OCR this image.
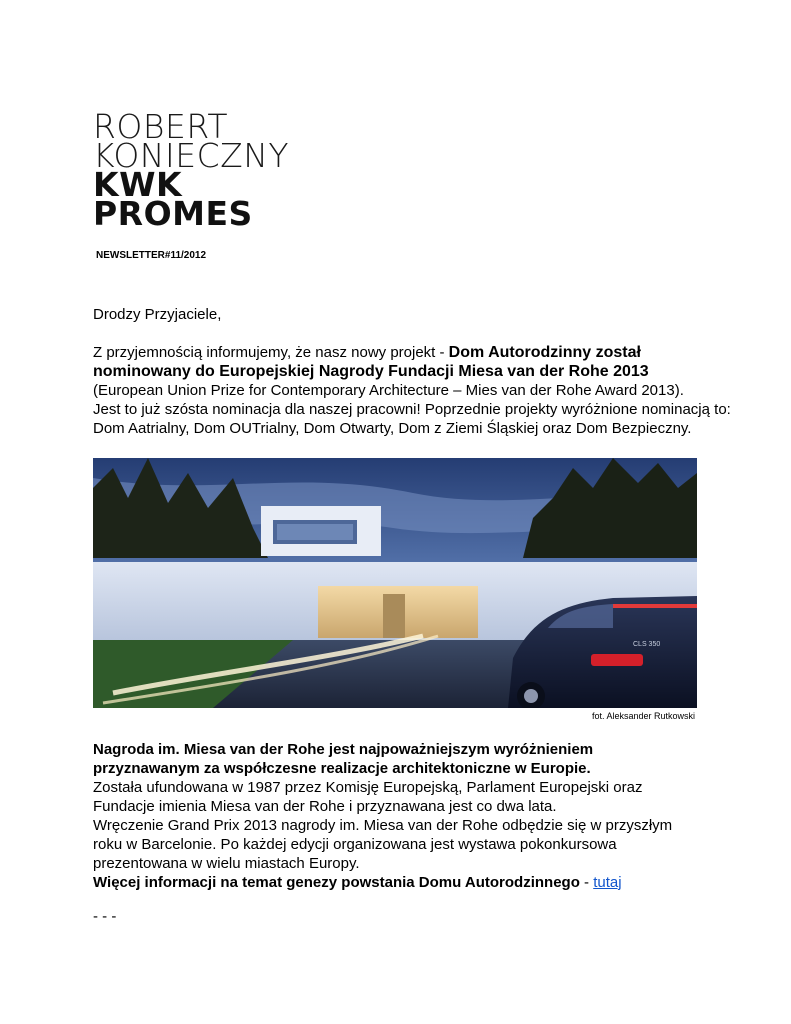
ROBERT
KONIECZNY
KWK
PROMES
NEWSLETTER#11/2012
Drodzy Przyjaciele,
Z przyjemnością informujemy, że nasz nowy projekt - Dom Autorodzinny został nominowany do Europejskiej Nagrody Fundacji Miesa van der Rohe 2013
(European Union Prize for Contemporary Architecture – Mies van der Rohe Award 2013).
Jest to już szósta nominacja dla naszej pracowni! Poprzednie projekty wyróżnione nominacją to:
Dom Aatrialny, Dom OUTrialny, Dom Otwarty, Dom z Ziemi Śląskiej oraz Dom Bezpieczny.
CLS 350
fot. Aleksander Rutkowski
Nagroda im. Miesa van der Rohe jest najpoważniejszym wyróżnieniem przyznawanym za współczesne realizacje architektoniczne w Europie.
Została ufundowana w 1987 przez Komisję Europejską, Parlament Europejski oraz Fundacje imienia Miesa van der Rohe i przyznawana jest co dwa lata.
Wręczenie Grand Prix 2013 nagrody im. Miesa van der Rohe odbędzie się w przyszłym roku w Barcelonie. Po każdej edycji organizowana jest wystawa pokonkursowa prezentowana w wielu miastach Europy.
Więcej informacji na temat genezy powstania Domu Autorodzinnego - tutaj
- - -
